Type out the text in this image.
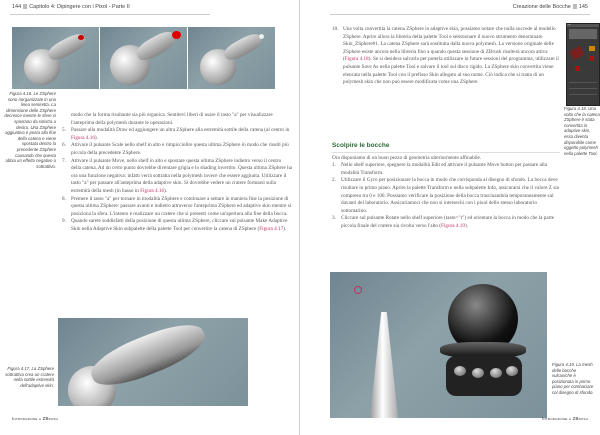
144 Capitolo 4: Dipingere con i Pixol - Parte II
Figura 4.16. Le ZSphere sono riorganizzate in una linea semiretta. La dimensione delle ZSphere decresce mentre le sfere si spostano da sinistra a destra. Una ZSphere aggiuntiva è posta alla fine della catena e viene spostata dentro la precedente ZSphere causando che questa abbia un effetto negativo o sottrattivo.
modo che la forma risultante sia più organica. Sentitevi liberi di usare il tasto "a" per visualizzare l'anteprima della polymesh durante le operazioni.
5. Passare alla modalità Draw ed aggiungere un altra ZSphere alla estremità sottile della catena (al centro in Figura 4.16).
6. Attivare il pulsante Scale nello shelf in alto e rimpicciolire questa ultima ZSphere in modo che risulti più piccola della precedente ZSphere.
7. Attivare il pulsante Move, nello shelf in alto e spostare questa ultima ZSphere indietro verso il centro della catena. Ad un certo punto dovrebbe diventare grigia e lo shading invertito. Questa ultima ZSphere ha ora una funzione negativa: infatti verrà sottratta nella polymesh invece che essere aggiunta. Utilizzare il tasto "a" per passare all'anteprima della adaptive skin. Si dovrebbe vedere un cratere formarsi sulla estremità della mesh (in basso in Figura 4.16).
8. Premere il tasto "a" per tornare in modalità ZSphere e continuare a settare in maniera fine la posizione di questa ultima ZSphere: passare avanti e indietro attraverso l'anteprima ZSphere ed adaptive skin mentre si posiziona la sfera. L'intento è realizzare un cratere che si presenti come un'apertura alla fine della bocca.
9. Quando sarete soddisfatti della posizione di questa ultima ZSphere, cliccare sul pulsante Make Adaptive Skin nella Adaptive Skin subpalette della palette Tool per convertire la catena di ZSphere (Figura 4.17).
Figura 4.17. La ZSphere sottrattiva crea un cratere nella sottile estremità dell'adaptive skin.
Introduzione a ZBrush
Creazione delle Bocche 145
10. Una volta convertita la catena ZSphere in adaptive skin, possiamo notare che nulla succede al modello ZSphere. Aprire allora la libreria della palette Tool e selezionare il nuovo strumento denominato Skin_ZSphere#1. La catena ZSphere sarà sostituita dalla nuova polymesh. La versione originale delle ZSphere esiste ancora nella libreria fino a quando questa sessione di ZBrush risulterà ancora attiva (Figura 4.18). Se si desidera salvarla per poterla utilizzare in future sessioni del programma, utilizzare il pulsante Save As nella palette Tool e salvare il tool sul disco rigido. La ZSphere skin convertita viene elencata nella palette Tool con il prefisso Skin allegato al suo nome. Ciò indica che si tratta di un polymesh skin che non può essere modificata come una ZSphere.
Tool
Figura 4.18. Una volta che la catena ZSphere è stata convertita in adaptive skin, essa diventa disponibile come oggetto polymesh nella palette Tool.
Scolpire le bocche
Ora disponiamo di un buon pezzo di geometria ulteriormente affinabile.
1. Nello shelf superiore, spegnere la modalità Edit ed attivare il pulsante Move button per passare alla modalità Transform.
2. Utilizzare il Gyro per posizionare la bocca in modo che corrisponda al disegno di sfondo. La bocca deve risultare in primo piano. Aprire la palette Transform e nella subpalette Info, assicurarsi che il valore Z sia compreso tra 0 e 100. Possiamo verificare la posizione della bocca trascinandola temporaneamente sul davanti del laboratorio. Assicuriamoci che non si intersechi con i pixol dello stesso laboratorio sottomarino.
3. Cliccare sul pulsante Rotate nello shelf superiore (tasto="r") ed orientare la bocca in modo che la parte piccola finale del cratere sia rivolta verso l'alto (Figura 4.19).
Figura 4.19. La mesh delle bocche vulcaniche è posizionata in primo piano per combaciare col disegno di sfondo.
Introduzione a ZBrush
